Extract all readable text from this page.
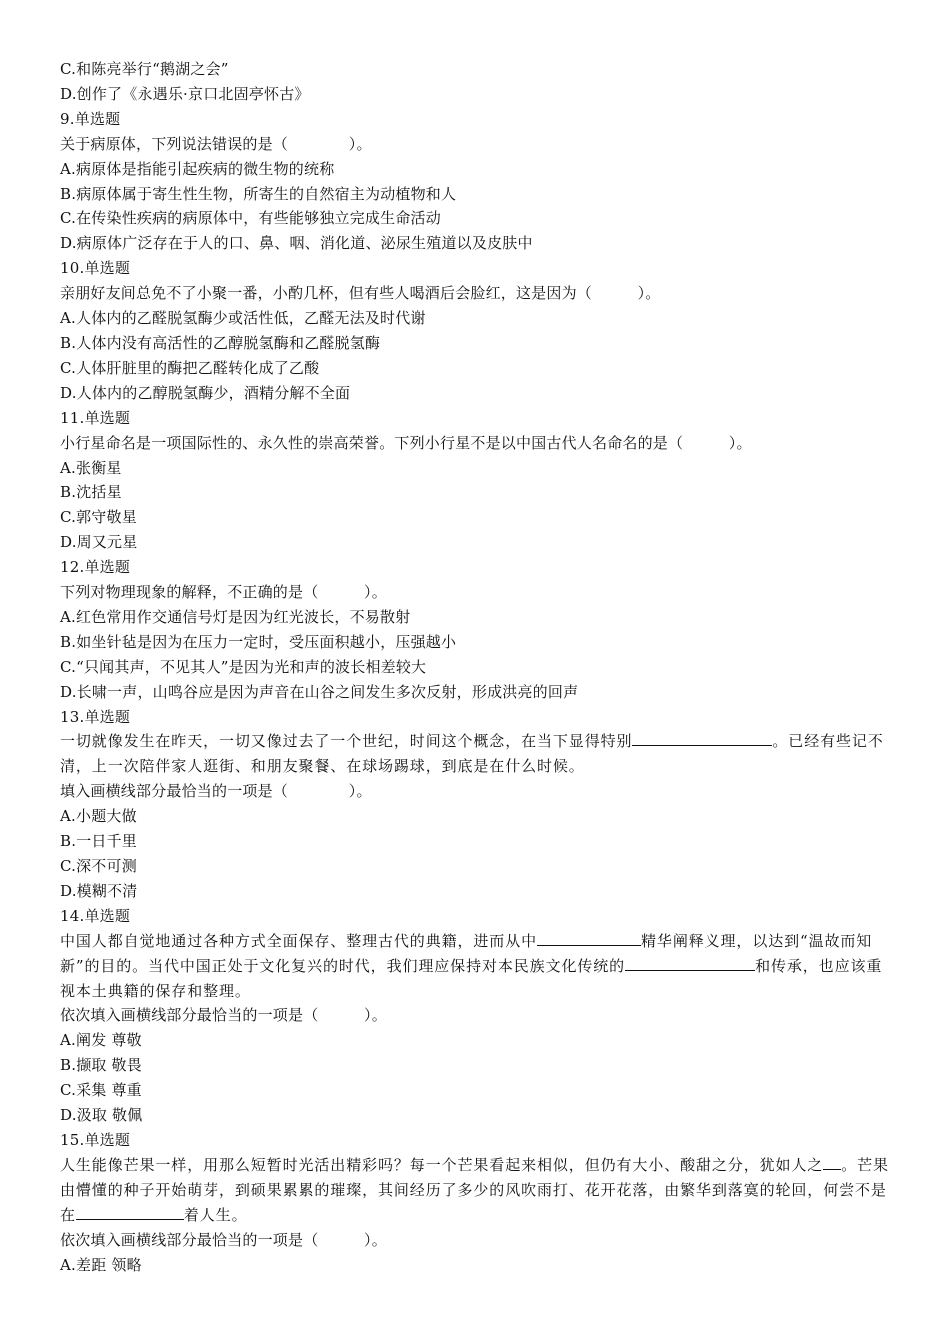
C.和陈亮举行“鹅湖之会”
D.创作了《永遇乐·京口北固亭怀古》
9.单选题
关于病原体，下列说法错误的是（　　　　）。
A.病原体是指能引起疾病的微生物的统称
B.病原体属于寄生性生物，所寄生的自然宿主为动植物和人
C.在传染性疾病的病原体中，有些能够独立完成生命活动
D.病原体广泛存在于人的口、鼻、咽、消化道、泌尿生殖道以及皮肤中
10.单选题
亲朋好友间总免不了小聚一番，小酌几杯，但有些人喝酒后会脸红，这是因为（　　　）。
A.人体内的乙醛脱氢酶少或活性低，乙醛无法及时代谢
B.人体内没有高活性的乙醇脱氢酶和乙醛脱氢酶
C.人体肝脏里的酶把乙醛转化成了乙酸
D.人体内的乙醇脱氢酶少，酒精分解不全面
11.单选题
小行星命名是一项国际性的、永久性的崇高荣誉。下列小行星不是以中国古代人名命名的是（　　　）。
A.张衡星
B.沈括星
C.郭守敬星
D.周又元星
12.单选题
下列对物理现象的解释，不正确的是（　　　）。
A.红色常用作交通信号灯是因为红光波长，不易散射
B.如坐针毡是因为在压力一定时，受压面积越小，压强越小
C.“只闻其声，不见其人”是因为光和声的波长相差较大
D.长啸一声，山鸣谷应是因为声音在山谷之间发生多次反射，形成洪亮的回声
13.单选题
一切就像发生在昨天，一切又像过去了一个世纪，时间这个概念，在当下显得特别	。已经有些记不清，上一次陪伴家人逛街、和朋友聚餐、在球场踢球，到底是在什么时候。
填入画横线部分最恰当的一项是（　　　　）。
A.小题大做
B.一日千里
C.深不可测
D.模糊不清
14.单选题
中国人都自觉地通过各种方式全面保存、整理古代的典籍，进而从中	精华阐释义理，以达到“温故而知新”的目的。当代中国正处于文化复兴的时代，我们理应保持对本民族文化传统的	和传承，也应该重视本土典籍的保存和整理。
依次填入画横线部分最恰当的一项是（　　　）。
A.阐发 尊敬
B.撷取 敬畏
C.采集 尊重
D.汲取 敬佩
15.单选题
人生能像芒果一样，用那么短暂时光活出精彩吗？每一个芒果看起来相似，但仍有大小、酸甜之分，犹如人之 。芒果由懵懂的种子开始萌芽，到硕果累累的璀璨，其间经历了多少的风吹雨打、花开花落，由繁华到落寞的轮回，何尝不是在	着人生。
依次填入画横线部分最恰当的一项是（　　　）。
A.差距 领略
